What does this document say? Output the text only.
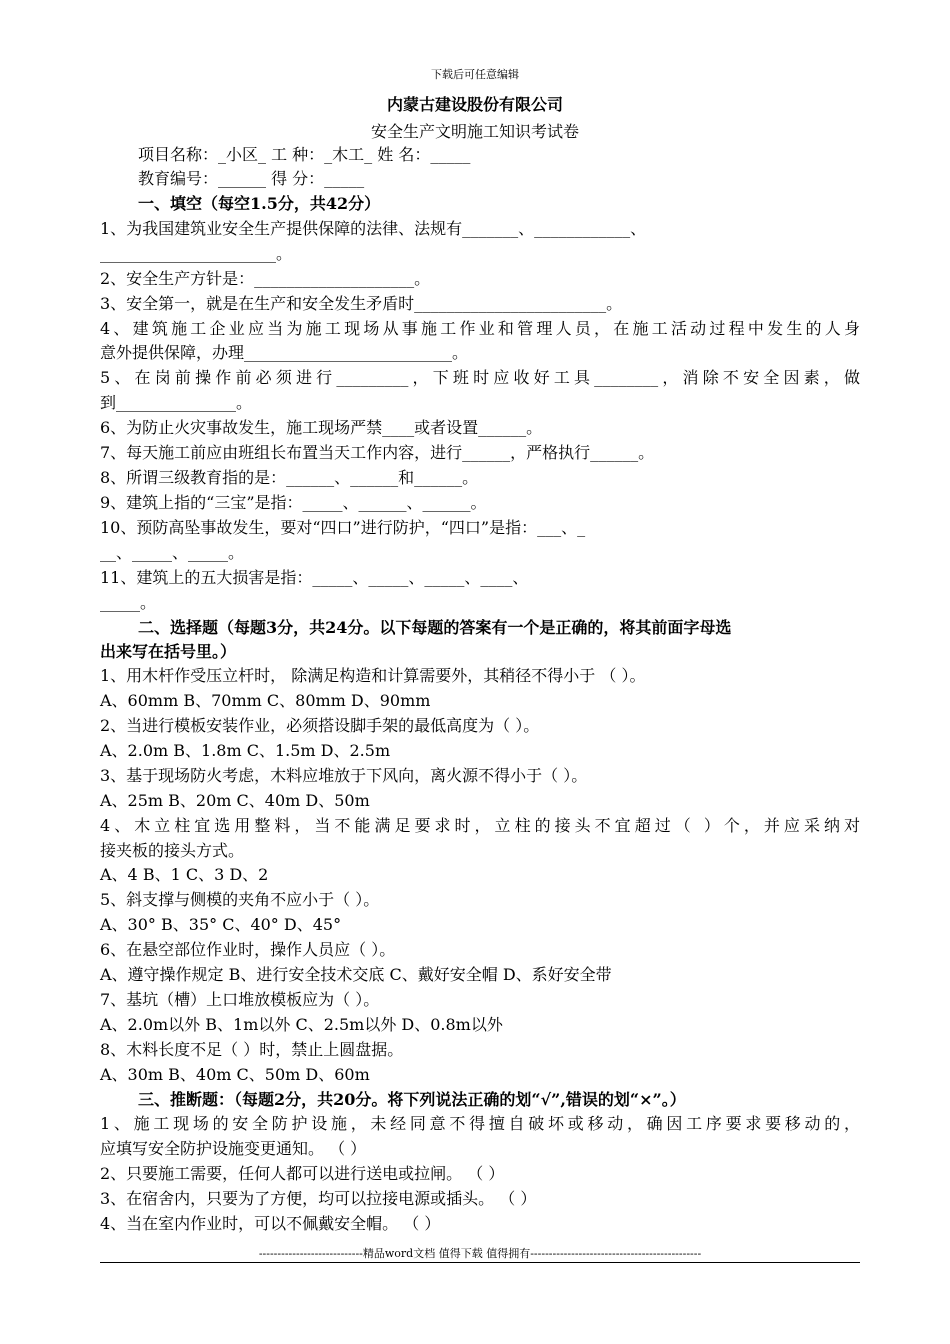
下载后可任意编辑
内蒙古建设股份有限公司
安全生产文明施工知识考试卷
项目名称：_小区_ 工 种：_木工_ 姓 名：_____
教育编号：______ 得 分：_____
一、填空（每空1.5分，共42分）
1、为我国建筑业安全生产提供保障的法律、法规有_______、____________、
______________________。
2、安全生产方针是：____________________。
3、安全第一，就是在生产和安全发生矛盾时________________________。
4、建筑施工企业应当为施工现场从事施工作业和管理人员，在施工活动过程中发生的人身
意外提供保障，办理__________________________。
5、在岗前操作前必须进行_________，下班时应收好工具________，消除不安全因素，做
到_______________。
6、为防止火灾事故发生，施工现场严禁____或者设置______。
7、每天施工前应由班组长布置当天工作内容，进行______，严格执行______。
8、所谓三级教育指的是：______、______和______。
9、建筑上指的“三宝”是指：_____、______、______。
10、预防高坠事故发生，要对“四口”进行防护，“四口”是指：___、_
__、_____、_____。
11、建筑上的五大损害是指：_____、_____、_____、____、
_____。
二、选择题（每题3分，共24分。以下每题的答案有一个是正确的，将其前面字母选
出来写在括号里。）
1、用木杆作受压立杆时， 除满足构造和计算需要外，其稍径不得小于 （ ）。
A、60mm B、70mm C、80mm D、90mm
2、当进行模板安装作业，必须搭设脚手架的最低高度为（ ）。
A、2.0m B、1.8m C、1.5m D、2.5m
3、基于现场防火考虑，木料应堆放于下风向，离火源不得小于（ ）。
A、25m B、20m C、40m D、50m
4、木立柱宜选用整料，当不能满足要求时，立柱的接头不宜超过（ ）个，并应采纳对
接夹板的接头方式。
A、4 B、1 C、3 D、2
5、斜支撑与侧模的夹角不应小于（ ）。
A、30° B、35° C、40° D、45°
6、在悬空部位作业时，操作人员应（ ）。
A、遵守操作规定 B、进行安全技术交底 C、戴好安全帽 D、系好安全带
7、基坑（槽）上口堆放模板应为（ ）。
A、2.0m以外 B、1m以外 C、2.5m以外 D、0.8m以外
8、木料长度不足（ ）时，禁止上圆盘据。
A、30m B、40m C、50m D、60m
三、推断题：（每题2分，共20分。将下列说法正确的划“√”,错误的划“×”。）
1、施工现场的安全防护设施，未经同意不得擅自破坏或移动，确因工序要求要移动的，
应填写安全防护设施变更通知。 （ ）
2、只要施工需要，任何人都可以进行送电或拉闸。 （ ）
3、在宿舍内，只要为了方便，均可以拉接电源或插头。 （ ）
4、当在室内作业时，可以不佩戴安全帽。 （ ）
----------------------------精品word文档 值得下载 值得拥有----------------------------------------------
